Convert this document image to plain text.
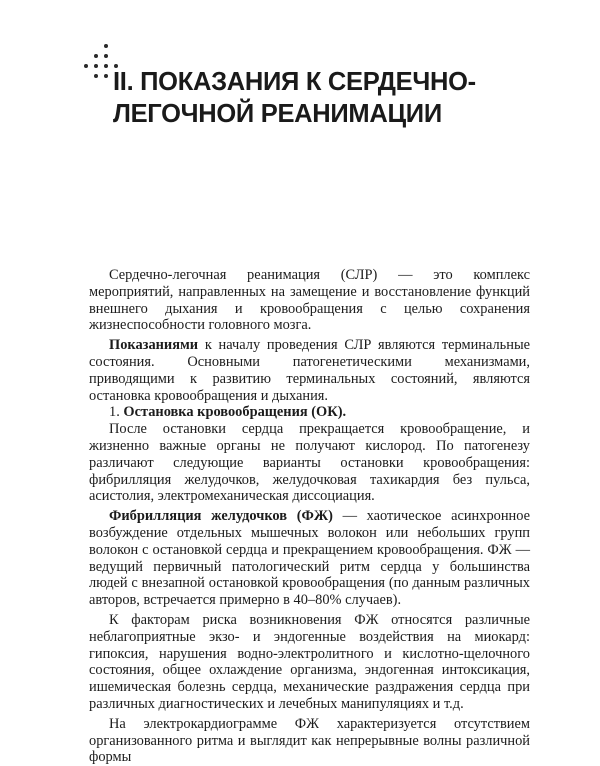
II. ПОКАЗАНИЯ К СЕРДЕЧНО-
ЛЕГОЧНОЙ РЕАНИМАЦИИ

Сердечно-легочная реанимация (СЛР) — это комплекс мероприятий, направленных на замещение и восстановление функций внешнего дыхания и кровообращения с целью сохранения жизнеспособности головного мозга.

Показаниями к началу проведения СЛР являются терминальные состояния. Основными патогенетическими механизмами, приводящими к развитию терминальных состояний, являются остановка кровообращения и дыхания.

1. Остановка кровообращения (ОК).

После остановки сердца прекращается кровообращение, и жизненно важные органы не получают кислород. По патогенезу различают следующие варианты остановки кровообращения: фибрилляция желудочков, желудочковая тахикардия без пульса, асистолия, электромеханическая диссоциация.

Фибрилляция желудочков (ФЖ) — хаотическое асинхронное возбуждение отдельных мышечных волокон или небольших групп волокон с остановкой сердца и прекращением кровообращения. ФЖ — ведущий первичный патологический ритм сердца у большинства людей с внезапной остановкой кровообращения (по данным различных авторов, встречается примерно в 40–80% случаев).

К факторам риска возникновения ФЖ относятся различные неблагоприятные экзо- и эндогенные воздействия на миокард: гипоксия, нарушения водно-электролитного и кислотно-щелочного состояния, общее охлаждение организма, эндогенная интоксикация, ишемическая болезнь сердца, механические раздражения сердца при различных диагностических и лечебных манипуляциях и т.д.

На электрокардиограмме ФЖ характеризуется отсутствием организованного ритма и выглядит как непрерывные волны различной формы
